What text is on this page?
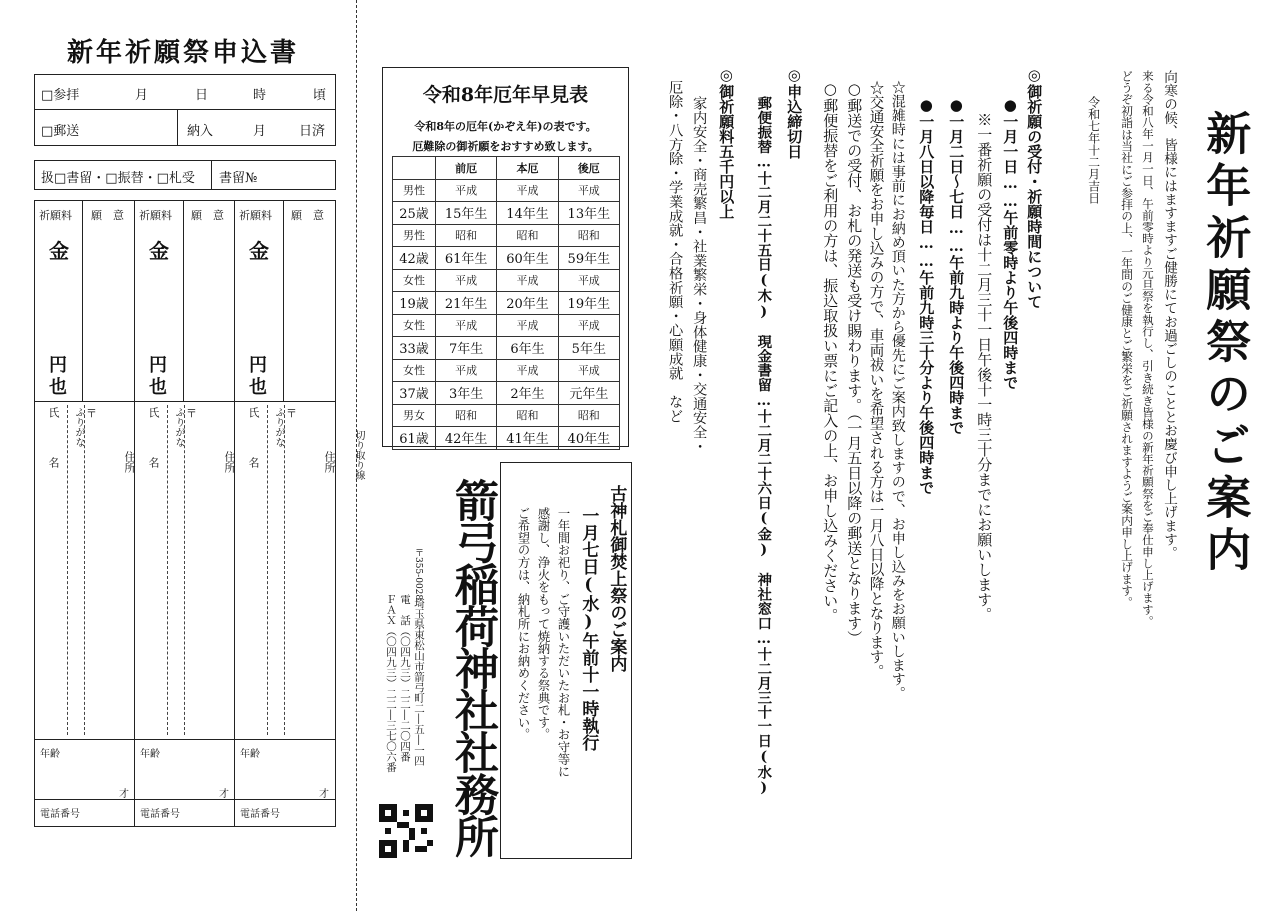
新年祈願祭申込書
□参拝	月	日	時	頃
□郵送	納入	月	日済
扱□書留・□振替・□札受 書留№
祈願料 願　意
金
円
也
氏　名 ふりがな 〒
住所
年齢
才
電話番号
祈願料 願　意
金
円
也
氏　名 ふりがな 〒
住所
年齢
才
電話番号
祈願料 願　意
金
円
也
氏　名 ふりがな 〒
住所
年齢
才
電話番号
切り取り線
令和8年厄年早見表
令和8年の厄年(かぞえ年)の表です。
厄難除の御祈願をおすすめ致します。
	前厄	本厄	後厄
男性	平成	平成	平成
25歳	15年生	14年生	13年生
男性	昭和	昭和	昭和
42歳	61年生	60年生	59年生
女性	平成	平成	平成
19歳	21年生	20年生	19年生
女性	平成	平成	平成
33歳	7年生	6年生	5年生
女性	平成	平成	平成
37歳	3年生	2年生	元年生
男女	昭和	昭和	昭和
61歳	42年生	41年生	40年生
箭弓稲荷神社社務所
〒355-0028
埼玉県東松山市箭弓町二―五―一四
電　話（〇四九三）二二―二〇四番
ＦＡＸ（〇四九三）二二―三七〇六番
古神札御焚上祭のご案内
一月七日(水)午前十一時執行
一年間お祀り、ご守護いただいたお札・お守等に
感謝し、浄火をもって焼納する祭典です。
ご希望の方は、納札所にお納めください。
新年祈願祭のご案内
向寒の候、皆様にはますますご健勝にてお過ごしのこととお慶び申し上げます。
来る令和八年一月一日、午前零時より元旦祭を執行し、引き続き皆様の新年祈願祭をご奉仕申し上げます。
どうぞ初詣は当社にご参拝の上、一年間のご健康とご繁栄をご祈願されますようご案内申し上げます。
令和七年十二月吉日
◎御祈願の受付・祈願時間について
●一月一日……午前零時より午後四時まで
※一番祈願の受付は十二月三十一日午後十一時三十分までにお願いします。
●一月二日～七日……午前九時より午後四時まで
●一月八日以降毎日……午前九時三十分より午後四時まで
☆混雑時には事前にお納め頂いた方から優先にご案内致しますので、お申し込みをお願いします。
☆交通安全祈願をお申し込みの方で、車両祓いを希望される方は一月八日以降となります。
○郵送での受付、お札の発送も受け賜わります。（一月五日以降の郵送となります）
○郵便振替をご利用の方は、振込取扱い票にご記入の上、お申し込みください。
◎申込締切日
郵便振替…十二月二十五日(木)　現金書留…十二月二十六日(金)　神社窓口…十二月三十一日(水)
◎御祈願料五千円以上
家内安全・商売繁昌・社業繁栄・身体健康・交通安全・
厄除・八方除・学業成就・合格祈願・心願成就　など
